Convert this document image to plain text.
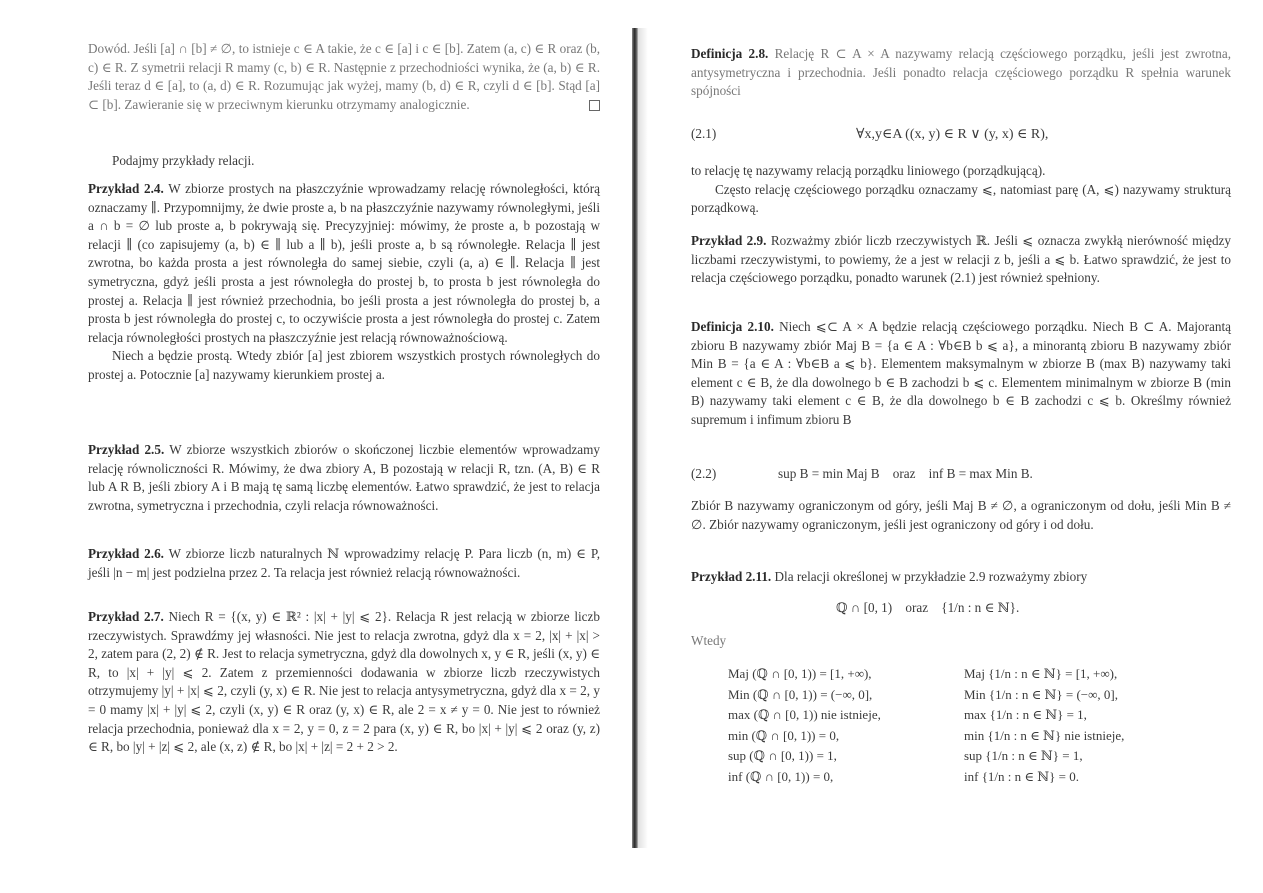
Dowód. Jeśli [a] ∩ [b] ≠ ∅, to istnieje c ∈ A takie, że c ∈ [a] i c ∈ [b]. Zatem (a, c) ∈ R oraz (b, c) ∈ R. Z symetrii relacji R mamy (c, b) ∈ R. Następnie z przechodniości wynika, że (a, b) ∈ R. Jeśli teraz d ∈ [a], to (a, d) ∈ R. Rozumując jak wyżej, mamy (b, d) ∈ R, czyli d ∈ [b]. Stąd [a] ⊂ [b]. Zawieranie się w przeciwnym kierunku otrzymamy analogicznie.

Podajmy przykłady relacji.

Przykład 2.4. W zbiorze prostych na płaszczyźnie wprowadzamy relację równoległości, którą oznaczamy ∥. Przypomnijmy, że dwie proste a, b na płaszczyźnie nazywamy równoległymi, jeśli a ∩ b = ∅ lub proste a, b pokrywają się. Precyzyjniej: mówimy, że proste a, b pozostają w relacji ∥ (co zapisujemy (a, b) ∈ ∥ lub a ∥ b), jeśli proste a, b są równoległe. Relacja ∥ jest zwrotna, bo każda prosta a jest równoległa do samej siebie, czyli (a, a) ∈ ∥. Relacja ∥ jest symetryczna, gdyż jeśli prosta a jest równoległa do prostej b, to prosta b jest równoległa do prostej a. Relacja ∥ jest również przechodnia, bo jeśli prosta a jest równoległa do prostej b, a prosta b jest równoległa do prostej c, to oczywiście prosta a jest równoległa do prostej c. Zatem relacja równoległości prostych na płaszczyźnie jest relacją równoważnościową.

Niech a będzie prostą. Wtedy zbiór [a] jest zbiorem wszystkich prostych równoległych do prostej a. Potocznie [a] nazywamy kierunkiem prostej a.

Przykład 2.5. W zbiorze wszystkich zbiorów o skończonej liczbie elementów wprowadzamy relację równoliczności R. Mówimy, że dwa zbiory A, B pozostają w relacji R, tzn. (A, B) ∈ R lub A R B, jeśli zbiory A i B mają tę samą liczbę elementów. Łatwo sprawdzić, że jest to relacja zwrotna, symetryczna i przechodnia, czyli relacja równoważności.

Przykład 2.6. W zbiorze liczb naturalnych ℕ wprowadzimy relację P. Para liczb (n, m) ∈ P, jeśli |n − m| jest podzielna przez 2. Ta relacja jest również relacją równoważności.

Przykład 2.7. Niech R = {(x, y) ∈ ℝ² : |x| + |y| ⩽ 2}. Relacja R jest relacją w zbiorze liczb rzeczywistych. Sprawdźmy jej własności. Nie jest to relacja zwrotna, gdyż dla x = 2, |x| + |x| > 2, zatem para (2, 2) ∉ R. Jest to relacja symetryczna, gdyż dla dowolnych x, y ∈ R, jeśli (x, y) ∈ R, to |x| + |y| ⩽ 2. Zatem z przemienności dodawania w zbiorze liczb rzeczywistych otrzymujemy |y| + |x| ⩽ 2, czyli (y, x) ∈ R. Nie jest to relacja antysymetryczna, gdyż dla x = 2, y = 0 mamy |x| + |y| ⩽ 2, czyli (x, y) ∈ R oraz (y, x) ∈ R, ale 2 = x ≠ y = 0. Nie jest to również relacja przechodnia, ponieważ dla x = 2, y = 0, z = 2 para (x, y) ∈ R, bo |x| + |y| ⩽ 2 oraz (y, z) ∈ R, bo |y| + |z| ⩽ 2, ale (x, z) ∉ R, bo |x| + |z| = 2 + 2 > 2.

Definicja 2.8. Relację R ⊂ A × A nazywamy relacją częściowego porządku, jeśli jest zwrotna, antysymetryczna i przechodnia. Jeśli ponadto relacja częściowego porządku R spełnia warunek spójności

(2.1)	∀x,y∈A ((x, y) ∈ R ∨ (y, x) ∈ R),

to relację tę nazywamy relacją porządku liniowego (porządkującą).

Często relację częściowego porządku oznaczamy ⩽, natomiast parę (A, ⩽) nazywamy strukturą porządkową.

Przykład 2.9. Rozważmy zbiór liczb rzeczywistych ℝ. Jeśli ⩽ oznacza zwykłą nierówność między liczbami rzeczywistymi, to powiemy, że a jest w relacji z b, jeśli a ⩽ b. Łatwo sprawdzić, że jest to relacja częściowego porządku, ponadto warunek (2.1) jest również spełniony.

Definicja 2.10. Niech ⩽⊂ A × A będzie relacją częściowego porządku. Niech B ⊂ A. Majorantą zbioru B nazywamy zbiór Maj B = {a ∈ A : ∀b∈B b ⩽ a}, a minorantą zbioru B nazywamy zbiór Min B = {a ∈ A : ∀b∈B a ⩽ b}. Elementem maksymalnym w zbiorze B (max B) nazywamy taki element c ∈ B, że dla dowolnego b ∈ B zachodzi b ⩽ c. Elementem minimalnym w zbiorze B (min B) nazywamy taki element c ∈ B, że dla dowolnego b ∈ B zachodzi c ⩽ b. Określmy również supremum i infimum zbioru B

(2.2)	sup B = min Maj B    oraz    inf B = max Min B.

Zbiór B nazywamy ograniczonym od góry, jeśli Maj B ≠ ∅, a ograniczonym od dołu, jeśli Min B ≠ ∅. Zbiór nazywamy ograniczonym, jeśli jest ograniczony od góry i od dołu.

Przykład 2.11. Dla relacji określonej w przykładzie 2.9 rozważymy zbiory

ℚ ∩ [0, 1)    oraz    {1/n : n ∈ ℕ}.
Wtedy
Maj (ℚ ∩ [0, 1)) = [1, +∞),
Min (ℚ ∩ [0, 1)) = (−∞, 0],
max (ℚ ∩ [0, 1)) nie istnieje,
min (ℚ ∩ [0, 1)) = 0,
sup (ℚ ∩ [0, 1)) = 1,
inf (ℚ ∩ [0, 1)) = 0,
Maj {1/n : n ∈ ℕ} = [1, +∞),
Min {1/n : n ∈ ℕ} = (−∞, 0],
max {1/n : n ∈ ℕ} = 1,
min {1/n : n ∈ ℕ} nie istnieje,
sup {1/n : n ∈ ℕ} = 1,
inf {1/n : n ∈ ℕ} = 0.
